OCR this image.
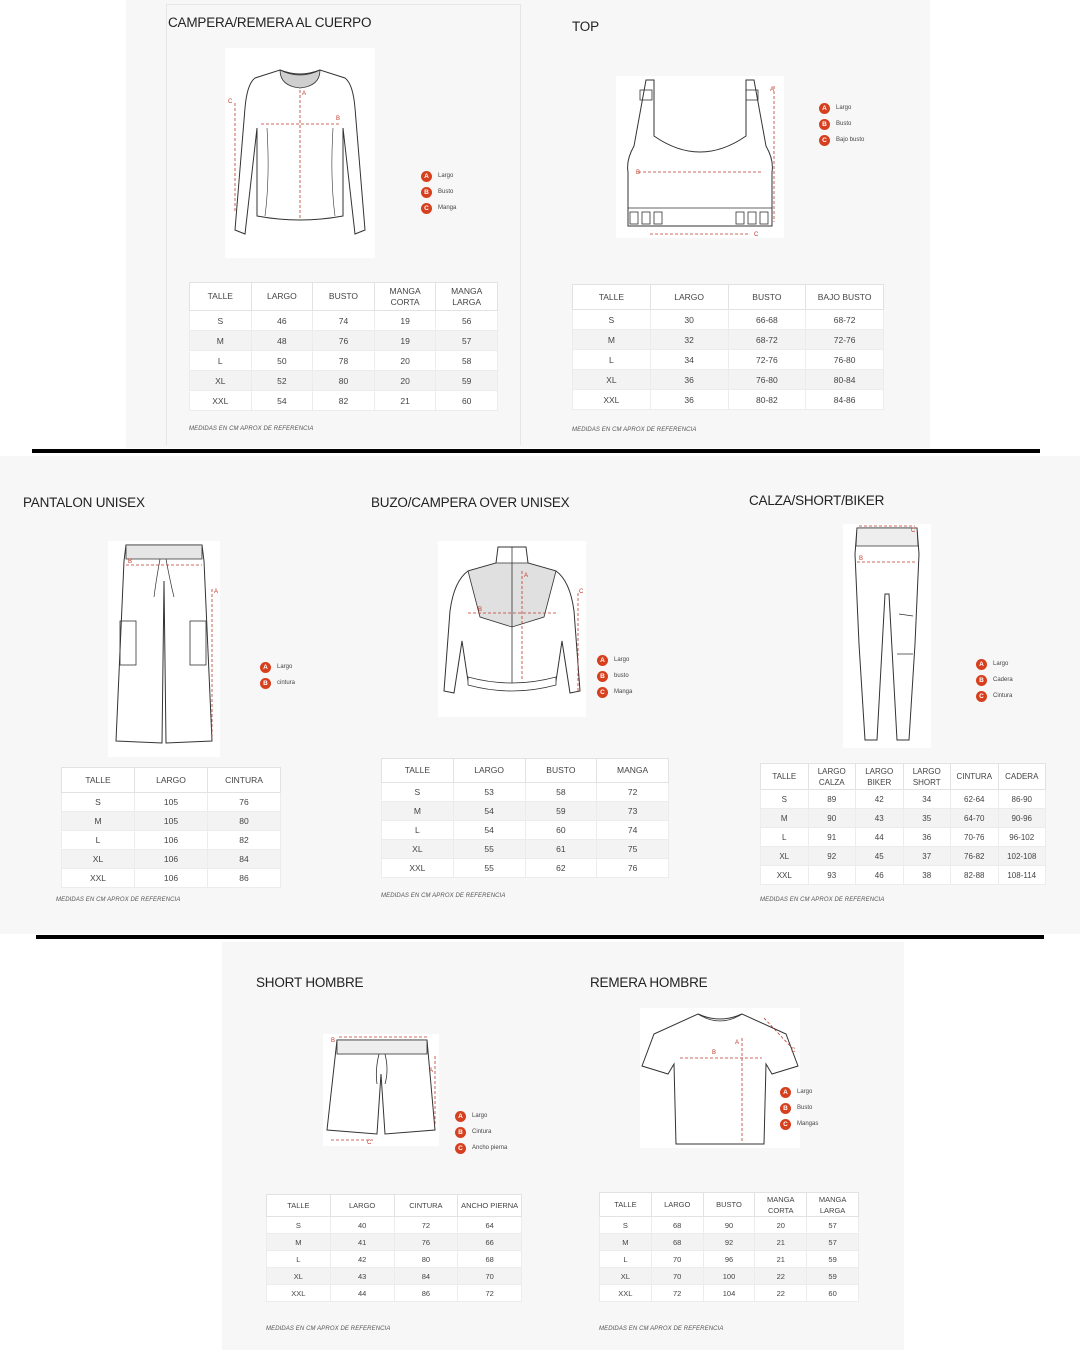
CAMPERA/REMERA AL CUERPO
A
B
C
A	Largo
B	Busto
C	Manga
TALLE	LARGO	BUSTO	MANGA CORTA	MANGA LARGA
S	46	74	19	56
M	48	76	19	57
L	50	78	20	58
XL	52	80	20	59
XXL	54	82	21	60
MEDIDAS EN CM APROX DE REFERENCIA
TOP
A
B
C
A	Largo
B	Busto
C	Bajo busto
TALLE	LARGO	BUSTO	BAJO BUSTO
S	30	66-68	68-72
M	32	68-72	72-76
L	34	72-76	76-80
XL	36	76-80	80-84
XXL	36	80-82	84-86
MEDIDAS EN CM APROX DE REFERENCIA
PANTALON UNISEX
A
B
A	Largo
B	cintura
TALLE	LARGO	CINTURA
S	105	76
M	105	80
L	106	82
XL	106	84
XXL	106	86
MEDIDAS EN CM APROX DE REFERENCIA
BUZO/CAMPERA OVER UNISEX
A
B
C
A	Largo
B	busto
C	Manga
TALLE	LARGO	BUSTO	MANGA
S	53	58	72
M	54	59	73
L	54	60	74
XL	55	61	75
XXL	55	62	76
MEDIDAS EN CM APROX DE REFERENCIA
CALZA/SHORT/BIKER
B
C
A	Largo
B	Cadera
C	Cintura
TALLE	LARGO CALZA	LARGO BIKER	LARGO SHORT	CINTURA	CADERA
S	89	42	34	62-64	86-90
M	90	43	35	64-70	90-96
L	91	44	36	70-76	96-102
XL	92	45	37	76-82	102-108
XXL	93	46	38	82-88	108-114
MEDIDAS EN CM APROX DE REFERENCIA
SHORT HOMBRE
B
A
C
A	Largo
B	Cintura
C	Ancho pierna
TALLE	LARGO	CINTURA	ANCHO PIERNA
S	40	72	64
M	41	76	66
L	42	80	68
XL	43	84	70
XXL	44	86	72
MEDIDAS EN CM APROX DE REFERENCIA
REMERA HOMBRE
A
B	C
A	Largo
B	Busto
C	Mangas
TALLE	LARGO	BUSTO	MANGA CORTA	MANGA LARGA
S	68	90	20	57
M	68	92	21	57
L	70	96	21	59
XL	70	100	22	59
XXL	72	104	22	60
MEDIDAS EN CM APROX DE REFERENCIA
